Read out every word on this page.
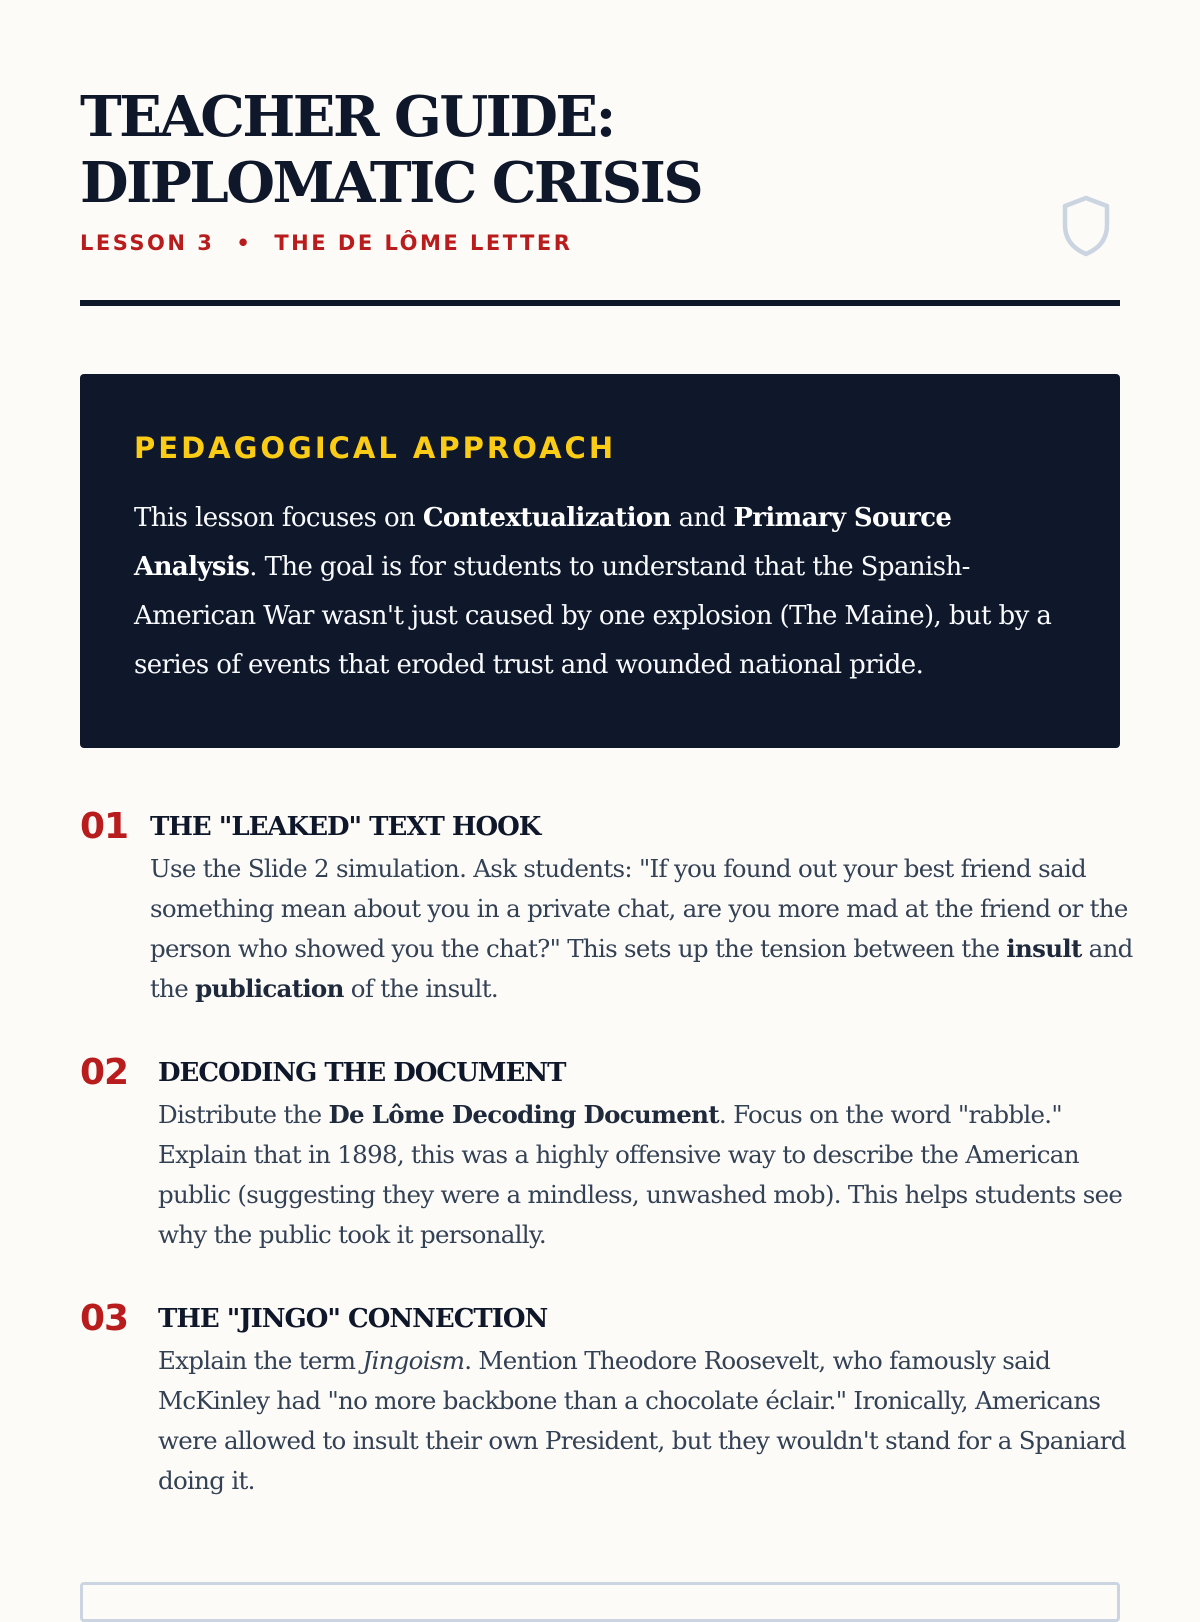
TEACHER GUIDE: DIPLOMATIC CRISIS
LESSON 3 • THE DE LÔME LETTER
PEDAGOGICAL APPROACH

This lesson focuses on Contextualization and Primary Source Analysis. The goal is for students to understand that the Spanish-American War wasn't just caused by one explosion (The Maine), but by a series of events that eroded trust and wounded national pride.

01 THE "LEAKED" TEXT HOOK

Use the Slide 2 simulation. Ask students: "If you found out your best friend said something mean about you in a private chat, are you more mad at the friend or the person who showed you the chat?" This sets up the tension between the insult and the publication of the insult.

02 DECODING THE DOCUMENT

Distribute the De Lôme Decoding Document. Focus on the word "rabble." Explain that in 1898, this was a highly offensive way to describe the American public (suggesting they were a mindless, unwashed mob). This helps students see why the public took it personally.

03 THE "JINGO" CONNECTION

Explain the term Jingoism. Mention Theodore Roosevelt, who famously said McKinley had "no more backbone than a chocolate éclair." Ironically, Americans were allowed to insult their own President, but they wouldn't stand for a Spaniard doing it.
